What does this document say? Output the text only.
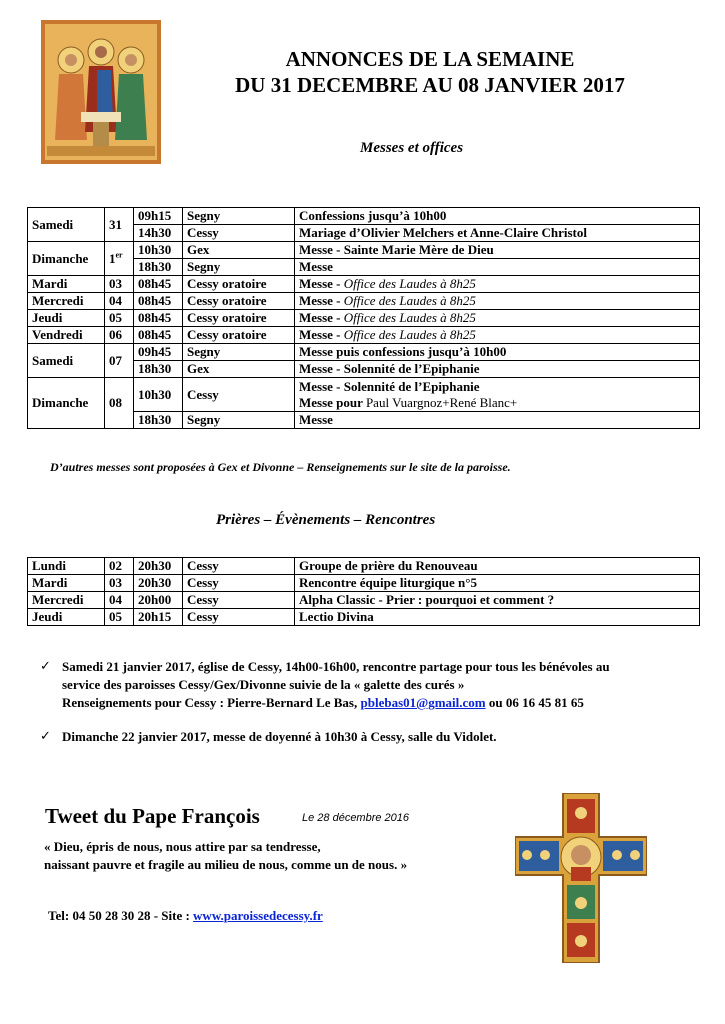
ANNONCES DE LA SEMAINE
DU 31 DECEMBRE AU 08 JANVIER 2017
Messes et offices
Samedi	31	09h15	Segny	Confessions jusqu’à 10h00
		14h30	Cessy	Mariage d’Olivier Melchers et Anne-Claire Christol
Dimanche	1er	10h30	Gex	Messe - Sainte Marie Mère de Dieu
		18h30	Segny	Messe
Mardi	03	08h45	Cessy oratoire	Messe - Office des Laudes à 8h25
Mercredi	04	08h45	Cessy oratoire	Messe - Office des Laudes à 8h25
Jeudi	05	08h45	Cessy oratoire	Messe - Office des Laudes à 8h25
Vendredi	06	08h45	Cessy oratoire	Messe - Office des Laudes à 8h25
Samedi	07	09h45	Segny	Messe puis confessions jusqu’à 10h00
		18h30	Gex	Messe - Solennité de l’Epiphanie
Dimanche	08	10h30	Cessy	Messe - Solennité de l’Epiphanie
Messe pour Paul Vuargnoz+René Blanc+

		18h30	Segny	Messe
D’autres messes sont proposées à Gex et Divonne – Renseignements sur le site de la paroisse.
Prières – Évènements – Rencontres
Lundi	02	20h30	Cessy	Groupe de prière du Renouveau
Mardi	03	20h30	Cessy	Rencontre équipe liturgique n°5
Mercredi	04	20h00	Cessy	Alpha Classic - Prier : pourquoi et comment ?
Jeudi	05	20h15	Cessy	Lectio Divina
✓ Samedi 21 janvier 2017, église de Cessy, 14h00-16h00, rencontre partage pour tous les bénévoles au
service des paroisses Cessy/Gex/Divonne suivie de la « galette des curés »
Renseignements pour Cessy : Pierre-Bernard Le Bas, pblebas01@gmail.com ou 06 16 45 81 65
✓ Dimanche 22 janvier 2017, messe de doyenné à 10h30 à Cessy, salle du Vidolet.
Tweet du Pape François	Le 28 décembre 2016
« Dieu, épris de nous, nous attire par sa tendresse,
naissant pauvre et fragile au milieu de nous, comme un de nous. »
Tel: 04 50 28 30 28 - Site : www.paroissedecessy.fr
